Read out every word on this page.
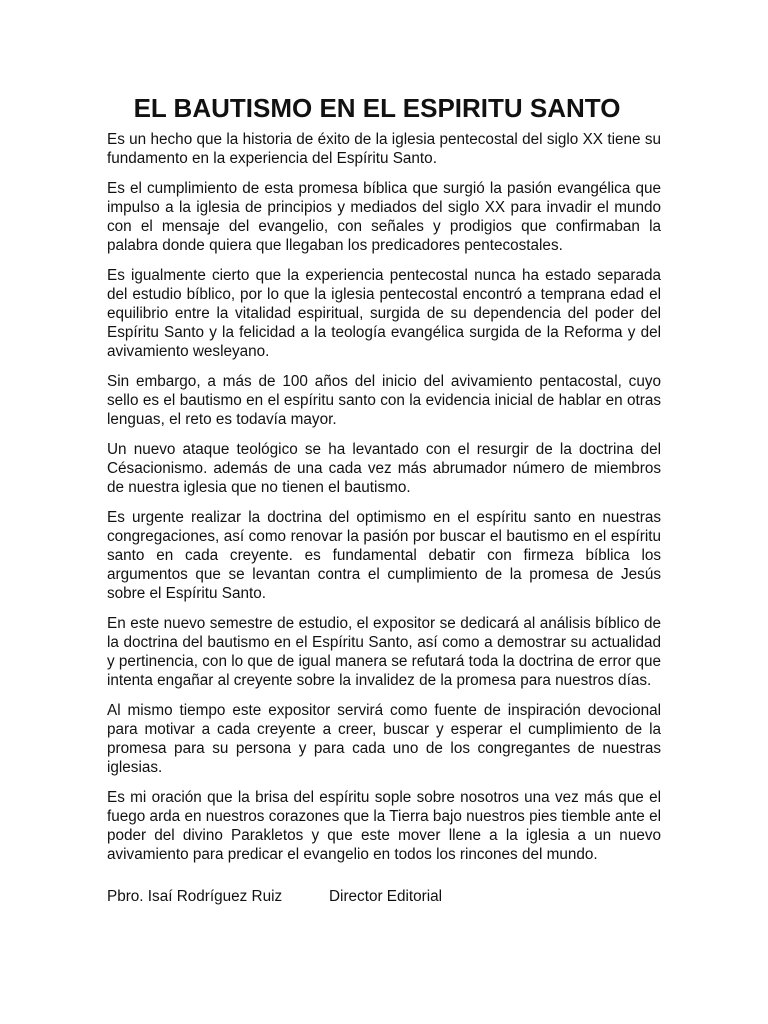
EL BAUTISMO EN EL ESPIRITU SANTO

Es un hecho que la historia de éxito de la iglesia pentecostal del siglo XX tiene su fundamento en la experiencia del Espíritu Santo.

Es el cumplimiento de esta promesa bíblica que surgió la pasión evangélica que impulso a la iglesia de principios y mediados del siglo XX para invadir el mundo con el mensaje del evangelio, con señales y prodigios que confirmaban la palabra donde quiera que llegaban los predicadores pentecostales.

Es igualmente cierto que la experiencia pentecostal nunca ha estado separada del estudio bíblico, por lo que la iglesia pentecostal encontró a temprana edad el equilibrio entre la vitalidad espiritual, surgida de su dependencia del poder del Espíritu Santo y la felicidad a la teología evangélica surgida de la Reforma y del avivamiento wesleyano.

Sin embargo, a más de 100 años del inicio del avivamiento pentacostal, cuyo sello es el bautismo en el espíritu santo con la evidencia inicial de hablar en otras lenguas, el reto es todavía mayor.

Un nuevo ataque teológico se ha levantado con el resurgir de la doctrina del Césacionismo. además de una cada vez más abrumador número de miembros de nuestra iglesia que no tienen el bautismo.

Es urgente realizar la doctrina del optimismo en el espíritu santo en nuestras congregaciones, así como renovar la pasión por buscar el bautismo en el espíritu santo en cada creyente. es fundamental debatir con firmeza bíblica los argumentos que se levantan contra el cumplimiento de la promesa de Jesús sobre el Espíritu Santo.

En este nuevo semestre de estudio, el expositor se dedicará al análisis bíblico de la doctrina del bautismo en el Espíritu Santo, así como a demostrar su actualidad y pertinencia, con lo que de igual manera se refutará toda la doctrina de error que intenta engañar al creyente sobre la invalidez de la promesa para nuestros días.

Al mismo tiempo este expositor servirá como fuente de inspiración devocional para motivar a cada creyente a creer, buscar y esperar el cumplimiento de la promesa para su persona y para cada uno de los congregantes de nuestras iglesias.

Es mi oración que la brisa del espíritu sople sobre nosotros una vez más que el fuego arda en nuestros corazones que la Tierra bajo nuestros pies tiemble ante el poder del divino Parakletos y que este mover llene a la iglesia a un nuevo avivamiento para predicar el evangelio en todos los rincones del mundo.

Pbro. Isaí Rodríguez Ruiz	Director Editorial
